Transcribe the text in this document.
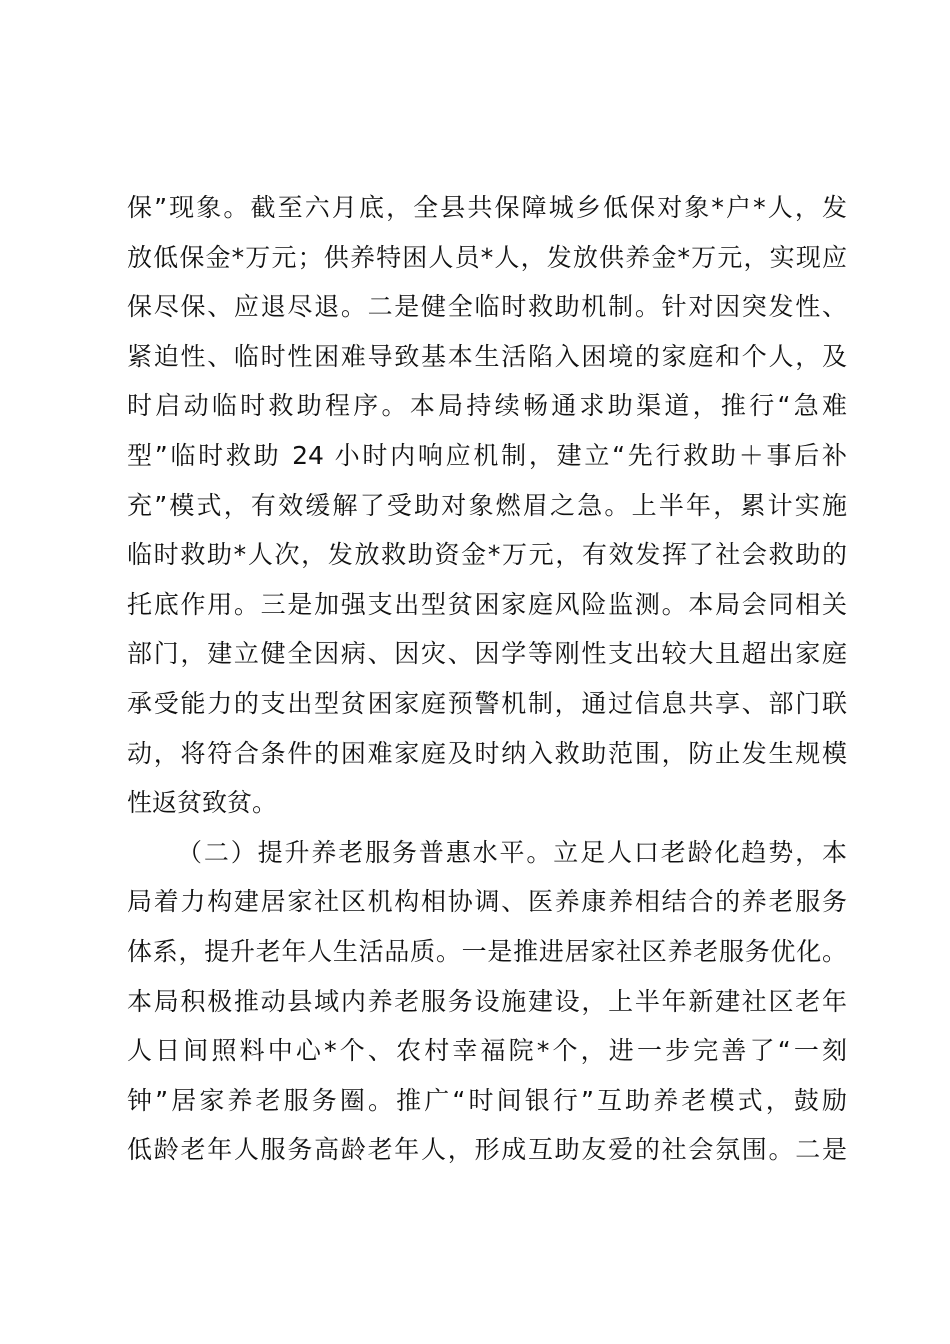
保”现象。截至六月底，全县共保障城乡低保对象*户*人，发
放低保金*万元；供养特困人员*人，发放供养金*万元，实现应
保尽保、应退尽退。二是健全临时救助机制。针对因突发性、
紧迫性、临时性困难导致基本生活陷入困境的家庭和个人，及
时启动临时救助程序。本局持续畅通求助渠道，推行“急难
型”临时救助 24 小时内响应机制，建立“先行救助＋事后补
充”模式，有效缓解了受助对象燃眉之急。上半年，累计实施
临时救助*人次，发放救助资金*万元，有效发挥了社会救助的
托底作用。三是加强支出型贫困家庭风险监测。本局会同相关
部门，建立健全因病、因灾、因学等刚性支出较大且超出家庭
承受能力的支出型贫困家庭预警机制，通过信息共享、部门联
动，将符合条件的困难家庭及时纳入救助范围，防止发生规模
性返贫致贫。
（二）提升养老服务普惠水平。立足人口老龄化趋势，本
局着力构建居家社区机构相协调、医养康养相结合的养老服务
体系，提升老年人生活品质。一是推进居家社区养老服务优化。
本局积极推动县域内养老服务设施建设，上半年新建社区老年
人日间照料中心*个、农村幸福院*个，进一步完善了“一刻
钟”居家养老服务圈。推广“时间银行”互助养老模式，鼓励
低龄老年人服务高龄老年人，形成互助友爱的社会氛围。二是
